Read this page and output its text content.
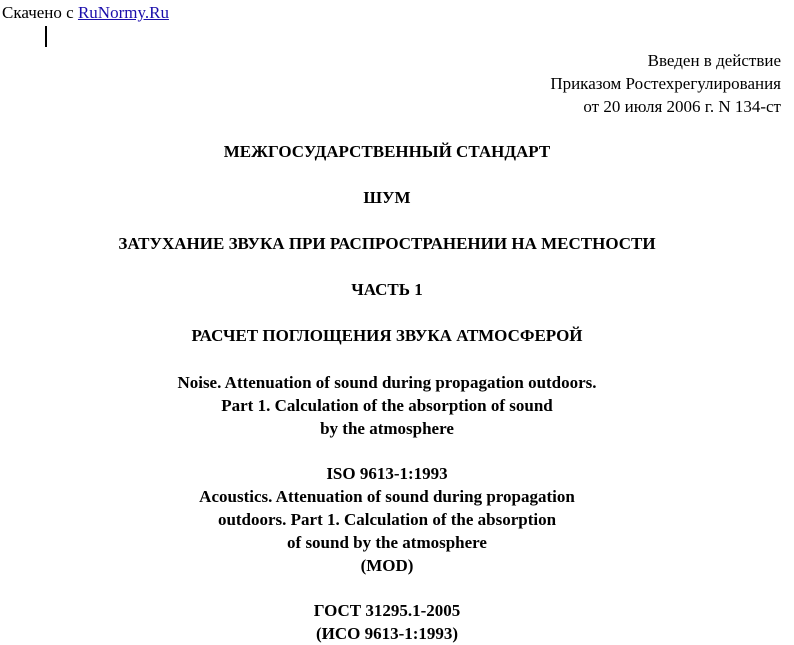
Скачено с RuNormy.Ru
Введен в действие
Приказом Ростехрегулирования
от 20 июля 2006 г. N 134-ст
МЕЖГОСУДАРСТВЕННЫЙ СТАНДАРТ
ШУМ
ЗАТУХАНИЕ ЗВУКА ПРИ РАСПРОСТРАНЕНИИ НА МЕСТНОСТИ
ЧАСТЬ 1
РАСЧЕТ ПОГЛОЩЕНИЯ ЗВУКА АТМОСФЕРОЙ
Noise. Attenuation of sound during propagation outdoors.
Part 1. Calculation of the absorption of sound
by the atmosphere
ISO 9613-1:1993
Acoustics. Attenuation of sound during propagation
outdoors. Part 1. Calculation of the absorption
of sound by the atmosphere
(MOD)
ГОСТ 31295.1-2005
(ИСО 9613-1:1993)
